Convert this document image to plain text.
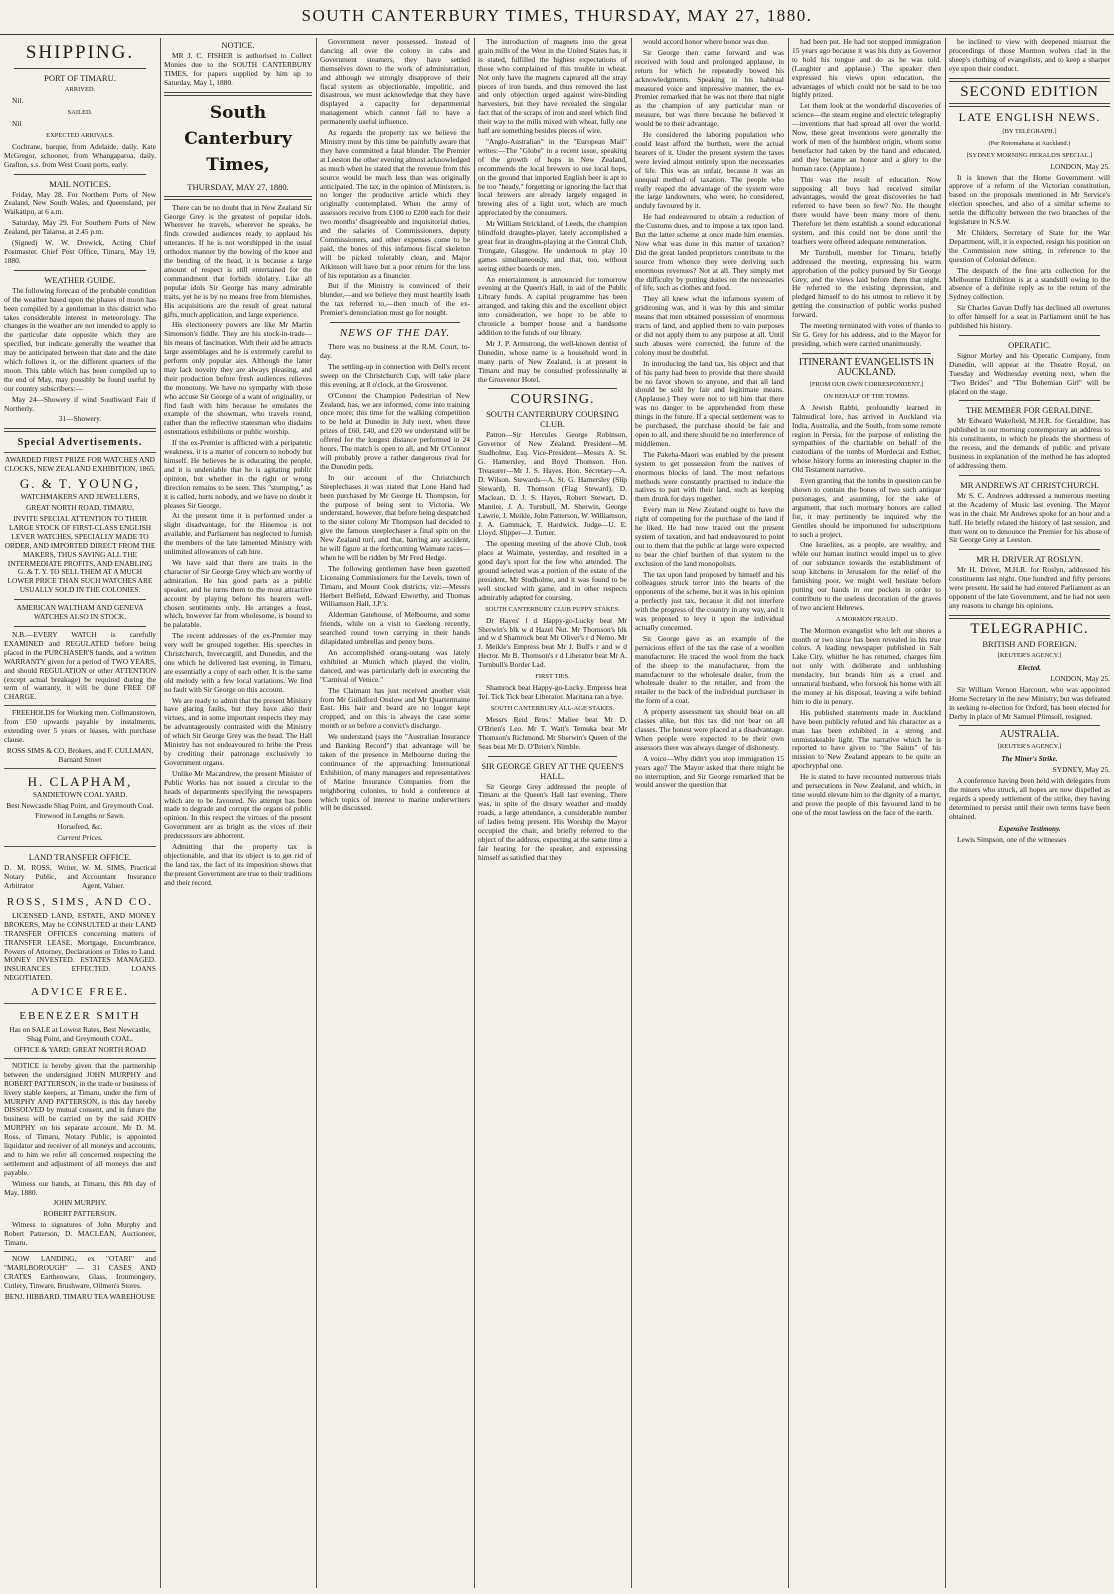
SOUTH CANTERBURY TIMES, THURSDAY, MAY 27, 1880.
SHIPPING.
PORT OF TIMARU.
ARRIVED.

Nil.

SAILED.

Nil

EXPECTED ARRIVALS.

Cochrane, barque, from Adelaide, daily. Kate McGregor, schooner, from Whangaparoa, daily. Grafton, s.s. from West Coast ports, early.

MAIL NOTICES.

Friday, May 28. For Northern Ports of New Zealand, New South Wales, and Queensland, per Waikatipu, at 6 a.m.

Saturday, May 29. For Southern Ports of New Zealand, per Taiaroa, at 2.45 p.m.

(Signed) W. W. Drewick, Acting Chief Postmaster. Chief Post Office, Timaru, May 19, 1880.

WEATHER GUIDE.

The following forecast of the probable condition of the weather based upon the phases of moon has been compiled by a gentleman in this district who takes considerable interest in meteorology. The changes in the weather are not intended to apply to the particular date opposite which they are specified, but indicate generally the weather that may be anticipated between that date and the date which follows it, or the different quarters of the moon. This table which has been compiled up to the end of May, may possibly be found useful by our country subscribers:—

May 24—Showery if wind Southward Fair if Northerly.

31—Showery.

Special Advertisements.

AWARDED FIRST PRIZE FOR WATCHES AND CLOCKS, NEW ZEALAND EXHIBITION, 1865.

G. & T. YOUNG,

WATCHMAKERS AND JEWELLERS,

GREAT NORTH ROAD, TIMARU,

INVITE SPECIAL ATTENTION TO THEIR LARGE STOCK OF FIRST-CLASS ENGLISH LEVER WATCHES, SPECIALLY MADE TO ORDER, AND IMPORTED DIRECT FROM THE MAKERS, THUS SAVING ALL THE INTERMEDIATE PROFITS, AND ENABLING G. & T. Y. TO SELL THEM AT A MUCH LOWER PRICE THAN SUCH WATCHES ARE USUALLY SOLD IN THE COLONIES.

AMERICAN WALTHAM AND GENEVA WATCHES ALSO IN STOCK.

N.B.—EVERY WATCH is carefully EXAMINED and REGULATED before being placed in the PURCHASER'S hands, and a written WARRANTY given for a period of TWO YEARS, and should REGULATION or other ATTENTION (except actual breakage) be required during the term of warranty, it will be done FREE OF CHARGE.

FREEHOLDS for Working men. Collmanstown, from £50 upwards payable by instalments, extending over 5 years or leases, with purchase clause.

ROSS SIMS & CO, Brokers, and F. CULLMAN, Barnard Street

H. CLAPHAM,

SANDIETOWN COAL YARD.

Best Newcastle Shag Point, and Greymouth Coal.

Firewood in Lengths or Sawn.

Horsefeed, &c.

Current Prices.

LAND TRANSFER OFFICE.

D. M. ROSS, Writer, Notary Public, and Arbitrator

W. M. SIMS, Practical Accountant Insurance Agent, Valuer.

ROSS, SIMS, AND CO.

LICENSED LAND, ESTATE, AND MONEY BROKERS, May be CONSULTED at their LAND TRANSFER OFFICES concerning matters of TRANSFER LEASE, Mortgage, Encumbrance, Powers of Attorney, Declarations or Titles to Land. MONEY INVESTED. ESTATES MANAGED. INSURANCES EFFECTED. LOANS NEGOTIATED.

ADVICE FREE.
EBENEZER SMITH

Has on SALE at Lowest Rates, Best Newcastle, Shag Point, and Greymouth COAL.

OFFICE & YARD: GREAT NORTH ROAD

NOTICE is hereby given that the partnership between the undersigned JOHN MURPHY and ROBERT PATTERSON, in the trade or business of livery stable keepers, at Timaru, under the firm of MURPHY AND PATTERSON, is this day hereby DISSOLVED by mutual consent, and in future the business will be carried on by the said JOHN MURPHY on his separate account. Mr D. M. Ross, of Timaru, Notary Public, is appointed liquidator and receiver of all moneys and accounts, and to him we refer all concerned respecting the settlement and adjustment of all moneys due and payable.

Witness our hands, at Timaru, this 8th day of May, 1880.

JOHN MURPHY.

ROBERT PATTERSON.

Witness to signatures of John Murphy and Robert Patterson, D. MACLEAN, Auctioneer, Timaru.

NOW LANDING, ex "OTARI" and "MARLBOROUGH" — 31 CASES AND CRATES Earthenware, Glass, Ironmongery, Cutlery, Tinware, Brushware, Oilmen's Stores.

BENJ. HIBBARD. TIMARU TEA WAREHOUSE

NOTICE.

MR J. C. FISHER is authorised to Collect Monies due to the SOUTH CANTERBURY TIMES, for papers supplied by him up to Saturday, May 1, 1880.

South Canterbury Times,
THURSDAY, MAY 27, 1880.

There can be no doubt that in New Zealand Sir George Grey is the greatest of popular idols. Wherever he travels, wherever he speaks, he finds crowded audiences ready to applaud his utterances. If he is not worshipped in the usual orthodox manner by the bowing of the knee and the bending of the head, it is because a large amount of respect is still entertained for the commandment that forbids idolatry. Like all popular idols Sir George has many admirable traits, yet he is by no means free from blemishes. His acquisitions are the result of great natural gifts, much application, and large experience.

His electioneery powers are like Mr Martin Simonson's fiddle. They are his stock-in-trade—his means of fascination. With their aid he attracts large assemblages and he is extremely careful to perform only popular airs. Although the latter may lack novelty they are always pleasing, and their production before fresh audiences relieves the monotony. We have no sympathy with those who accuse Sir George of a want of originality, or find fault with him because he emulates the example of the showman, who travels round, rather than the reflective statesman who disdains ostentatious exhibitions or public worship.

If the ex-Premier is afflicted with a peripatetic weakness, it is a matter of concern to nobody but himself. He believes he is educating the people, and it is undeniable that he is agitating public opinion, but whether in the right or wrong direction remains to be seen. This "stumping," as it is called, hurts nobody, and we have no doubt it pleases Sir George.

At the present time it is performed under a slight disadvantage, for the Hinemoa is not available, and Parliament has neglected to furnish the members of the late lamented Ministry with unlimited allowances of cab hire.

We have said that there are traits in the character of Sir George Grey which are worthy of admiration. He has good parts as a public speaker, and he turns them to the most attractive account by playing before his hearers well-chosen sentiments only. He arranges a feast, which, however far from wholesome, is bound to be palatable.

The recent addresses of the ex-Premier may very well be grouped together. His speeches in Christchurch, Invercargill, and Dunedin, and the one which he delivered last evening, in Timaru, are essentially a copy of each other. It is the same old melody with a few local variations. We find no fault with Sir George on this account.

We are ready to admit that the present Ministry have glaring faults, but they have also their virtues, and in some important respects they may be advantageously contrasted with the Ministry of which Sir George Grey was the head. The Hall Ministry has not endeavoured to bribe the Press by crediting their patronage exclusively to Government organs.

Unlike Mr Macandrew, the present Minister of Public Works has not issued a circular to the heads of departments specifying the newspapers which are to be favoured. No attempt has been made to degrade and corrupt the organs of public opinion. In this respect the virtues of the present Government are as bright as the vices of their predecessors are abhorrent.

Admitting that the property tax is objectionable, and that its object is to get rid of the land tax, the fact of its imposition shows that the present Government are true to their traditions and their record.

Government never possessed. Instead of dancing all over the colony in cabs and Government steamers, they have settled themselves down to the work of administration, and although we strongly disapprove of their fiscal system as objectionable, impolitic, and disastrous, we must acknowledge that they have displayed a capacity for departmental management which cannot fail to have a permanently useful influence.

As regards the property tax we believe the Ministry must by this time be painfully aware that they have committed a fatal blunder. The Premier at Leeston the other evening almost acknowledged as much when he stated that the revenue from this source would be much less than was originally anticipated. The tax, in the opinion of Ministers, is no longer the productive article which they originally contemplated. When the army of assessors receive from £100 to £200 each for their two months' disagreeable and inquisitorial duties, and the salaries of Commissioners, deputy Commissioners, and other expenses come to be paid, the bones of this infamous fiscal skeleton will be picked tolerably clean, and Major Atkinson will have but a poor return for the loss of his reputation as a financier.

But if the Ministry is convinced of their blunder,—and we believe they must heartily loath the tax referred to,—then much of the ex-Premier's denunciation must go for nought.

NEWS OF THE DAY.

There was no business at the R.M. Court, to-day.

The settling-up in connection with Dell's recent sweep on the Christchurch Cup, will take place this evening, at 8 o'clock, at the Grosvenor.

O'Connor the Champion Pedestrian of New Zealand, has, we are informed, come into training once more; this time for the walking competition to be held at Dunedin in July next, when three prizes of £60, £40, and £20 we understand will be offered for the longest distance performed in 24 hours. The match is open to all, and Mr O'Connor will probably prove a rather dangerous rival for the Dunedin peds.

In our account of the Christchurch Steeplechases it was stated that Lone Hand had been purchased by Mr George H. Thompson, for the purpose of being sent to Victoria. We understand, however, that before being despatched to the sister colony Mr Thompson had decided to give the famous steeplechaser a final spin on the New Zealand turf, and that, barring any accident, he will figure at the forthcoming Waimate races—when he will be ridden by Mr Fred Hedge.

The following gentlemen have been gazetted Licensing Commissioners for the Levels, town of Timaru, and Mount Cook districts, viz:—Messrs Herbert Belfield, Edward Elworthy, and Thomas Williamson Hall, J.P.'s.

Alderman Gatehouse, of Melbourne, and some friends, while on a visit to Geelong recently, searched round town carrying in their hands dilapidated umbrellas and penny buns.

An accomplished orang-outang was lately exhibited at Munich which played the violin, danced, and was particularly deft in executing the "Carnival of Venice."

The Claimant has just received another visit from Mr Guildford Onslow and Mr Quartermaine East. His hair and beard are no longer kept cropped, and on this is always the case some month or so before a convict's discharge.

We understand (says the "Australian Insurance and Banking Record") that advantage will be taken of the presence in Melbourne during the continuance of the approaching International Exhibition, of many managers and representatives of Marine Insurance Companies from the neighboring colonies, to hold a conference at which topics of interest to marine underwriters will be discussed.

The introduction of magnets into the great grain mills of the West in the United States has, it is stated, fulfilled the highest expectations of those who complained of this trouble in wheat. Not only have the magnets captured all the stray pieces of iron bands, and thus removed the last and only objection urged against wire-binding harvesters, but they have revealed the singular fact that of the scraps of iron and steel which find their way to the mills mixed with wheat, fully one half are something besides pieces of wire.

"Anglo-Australian" in the "European Mail" writes:—The "Globe" in a recent issue, speaking of the growth of hops in New Zealand, recommends the local brewers to use local hops, on the ground that imported English beer is apt to be too "heady," forgetting or ignoring the fact that local brewers are already largely engaged in brewing ales of a light sort, which are much appreciated by the consumers.

Mr William Strickland, of Leeds, the champion blindfold draughts-player, lately accomplished a great feat in draughts-playing at the Central Club, Trongate, Glasgow. He undertook to play 10 games simultaneously, and that, too, without seeing either boards or men.

An entertainment is announced for tomorrow evening at the Queen's Hall, in aid of the Public Library funds. A capital programme has been arranged, and taking this and the excellent object into consideration, we hope to be able to chronicle a bumper house and a handsome addition to the funds of our library.

Mr J. P. Armstrong, the well-known dentist of Dunedin, whose name is a household word in many parts of New Zealand, is at present in Timaru and may be consulted professionally at the Grosvenor Hotel.

COURSING.
SOUTH CANTERBURY COURSING CLUB.

Patron—Sir Hercules George Robinson, Governor of New Zealand. President—M. Studholme, Esq. Vice-President—Messrs A. St. G. Hamersley, and Boyd Thomson. Hon. Treasurer—Mr J. S. Hayes. Hon. Secretary—A. D. Wilson. Stewards—A. St. G. Hamersley (Slip Steward), B. Thomson (Flag Steward), D. Maclean, D. J. S. Hayes, Robert Stewart, D. Mantire, J. A. Turnbull, M. Sherwin, George Lawrie, J. Meikle, John Patterson, W. Williamson, J. A. Gammack, T. Hardwick. Judge—U. E. Lloyd. Slipper—J. Turner.

The opening meeting of the above Club, took place at Waimate, yesterday, and resulted in a good day's sport for the few who attended. The ground selected was a portion of the estate of the president, Mr Studholme, and it was found to be well stocked with game, and in other respects admirably adapted for coursing.

SOUTH CANTERBURY CLUB PUPPY STAKES.

Dr Hayes' f d Happy-go-Lucky beat Mr Sherwin's blk w d Hazel Nut. Mr Thomson's blk and w d Shamrock beat Mr Oliver's r d Nemo. Mr J. Meikle's Empress beat Mr J. Bull's r and w d Hector. Mr B. Thomson's r d Liberator beat Mr A. Turnbull's Border Lad.

FIRST TIES.

Shamrock beat Happy-go-Lucky. Empress beat Tel. Tick Tick beat Liberator. Maritana ran a bye.

SOUTH CANTERBURY ALL-AGE STAKES.

Messrs Reid Bros.' Maliee beat Mr D. O'Brien's Leo. Mr T. Watt's Temuka beat Mr Thomson's Richmond. Mr Sherwin's Queen of the Seas beat Mr D. O'Brien's Nimble.

SIR GEORGE GREY AT THE QUEEN'S HALL.

Sir George Grey addressed the people of Timaru at the Queen's Hall last evening. There was, in spite of the dreary weather and muddy roads, a large attendance, a considerable number of ladies being present. His Worship the Mayor occupied the chair, and briefly referred to the object of the address, expecting at the same time a fair hearing for the speaker, and expressing himself as satisfied that they

would accord honor where honor was due.

Sir George then came forward and was received with loud and prolonged applause, in return for which he repeatedly bowed his acknowledgments. Speaking in his habitual measured voice and impressive manner, the ex-Premier remarked that he was not there that night as the champion of any particular man or measure, but was there because he believed it would be to their advantage.

He considered the laboring population who could least afford the burthen, were the actual bearers of it. Under the present system the taxes were levied almost entirely upon the necessaries of life. This was an unfair, because it was an unequal method of taxation. The people who really reaped the advantage of the system were the large landowners, who were, he considered, unduly favoured by it.

He had endeavoured to obtain a reduction of the Customs dues, and to impose a tax upon land. But the latter scheme at once made him enemies. Now what was done in this matter of taxation? Did the great landed proprietors contribute to the source from whence they were deriving such enormous revenues? Not at all. They simply met the difficulty by putting duties on the necessaries of life, such as clothes and food.

They all knew what the infamous system of gridironing was, and it was by this and similar means that men obtained possession of enormous tracts of land, and applied them to vain purposes or did not apply them to any purpose at all. Until such abuses were corrected, the future of the colony must be doubtful.

In introducing the land tax, his object and that of his party had been to provide that there should be no favor shown to anyone, and that all land should be sold by fair and legitimate means. (Applause.) They were not to tell him that there was no danger to be apprehended from these things in the future. If a special settlement was to be purchased, the purchase should be fair and open to all, and there should be no interference of middlemen.

The Pakeha-Maori was enabled by the present system to get possession from the natives of enormous blocks of land. The most nefarious methods were constantly practised to induce the natives to part with their land, such as keeping them drunk for days together.

Every man in New Zealand ought to have the right of competing for the purchase of the land if he liked. He had now traced out the present system of taxation, and had endeavoured to point out to them that the public at large were expected to bear the chief burthen of that system to the exclusion of the land monopolists.

The tax upon land proposed by himself and his colleagues struck terror into the hearts of the opponents of the scheme, but it was in his opinion a perfectly just tax, because it did not interfere with the progress of the country in any way, and it was proposed to levy it upon the individual actually concerned.

Sir George gave as an example of the pernicious effect of the tax the case of a woollen manufacturer. He traced the wool from the back of the sheep to the manufacturer, from the manufacturer to the wholesale dealer, from the wholesale dealer to the retailer, and from the retailer to the back of the individual purchaser in the form of a coat.

A property assessment tax should bear on all classes alike, but this tax did not bear on all classes. The honest were placed at a disadvantage. When people were expected to be their own assessors there was always danger of dishonesty.

A voice—Why didn't you stop immigration 15 years ago? The Mayor asked that there might be no interruption, and Sir George remarked that he would answer the question that

had been put. He had not stopped immigration 15 years ago because it was his duty as Governor to hold his tongue and do as he was told. (Laughter and applause.) The speaker then expressed his views upon education, the advantages of which could not be said to be too highly prized.

Let them look at the wonderful discoveries of science—the steam engine and electric telegraphy—inventions that had spread all over the world. Now, these great inventions were generally the work of men of the humblest origin, whom some benefactor had taken by the hand and educated, and they became an honor and a glory to the human race. (Applause.)

This was the result of education. Now supposing all boys had received similar advantages, would the great discoveries he had referred to have been so few? No. He thought there would have been many more of them. Therefore let them establish a sound educational system, and this could not be done until the teachers were offered adequate remuneration.

Mr Turnbull, member for Timaru, briefly addressed the meeting, expressing his warm approbation of the policy pursued by Sir George Grey, and the views laid before them that night. He referred to the existing depression, and pledged himself to do his utmost to relieve it by getting the construction of public works pushed forward.

The meeting terminated with votes of thanks to Sir G. Grey for his address, and to the Mayor for presiding, which were carried unanimously.

ITINERANT EVANGELISTS IN AUCKLAND.
[FROM OUR OWN CORRESPONDENT.]
ON BEHALF OF THE TOMBS.

A Jewish Rabbi, profoundly learned in Talmudical lore, has arrived in Auckland via India, Australia, and the South, from some remote region in Persia, for the purpose of enlisting the sympathies of the charitable on behalf of the custodians of the tombs of Mordecai and Esther, whose history forms an interesting chapter in the Old Testament narrative.

Even granting that the tombs in question can be shown to contain the bones of two such antique personages, and assuming, for the sake of argument, that such mortuary honors are called for, it may pertinently be inquired why the Gentiles should be importuned for subscriptions to such a project.

One Israelites, as a people, are wealthy, and while our human instinct would impel us to give of our substance towards the establishment of soup kitchens in Jerusalem for the relief of the famishing poor, we might well hesitate before putting our hands in our pockets in order to contribute to the useless decoration of the graves of two ancient Hebrews.

A MORMON FRAUD.

The Mormon evangelist who left our shores a month or two since has been revealed in his true colors. A leading newspaper published in Salt Lake City, whither he has returned, charges him not only with deliberate and unblushing mendacity, but brands him as a cruel and unnatural husband, who forsook his home with all the money at his disposal, leaving a wife behind him to die in penury.

His published statements made in Auckland have been publicly refuted and his character as a man has been exhibited in a strong and unmistakeable light. The narrative which he is reported to have given to "the Saints" of his mission to New Zealand appears to be quite an apochryphal one.

He is stated to have recounted numerous trials and persecutions in New Zealand, and which, in time would elevate him to the dignity of a martyr, and prove the people of this favoured land to be one of the most lawless on the face of the earth.

be inclined to view with deepened mistrust the proceedings of those Mormon wolves clad in the sheep's clothing of evangelists, and to keep a sharper eye upon their conduct.

SECOND EDITION
LATE ENGLISH NEWS.
[BY TELEGRAPH.]
(Per Rotomahana at Auckland.)
[SYDNEY MORNING HERALD'S SPECIAL.]

LONDON, May 25.

It is known that the Home Government will approve of a reform of the Victorian constitution, based on the proposals mentioned in Mr Service's election speeches, and also of a similar scheme to settle the difficulty between the two branches of the legislature in N.S.W.

Mr Childers, Secretary of State for the War Department, will, it is expected, resign his position on the Commission now sitting, in reference to the question of Colonial defence.

The despatch of the fine arts collection for the Melbourne Exhibition is at a standstill owing to the absence of a definite reply as to the return of the Sydney collection.

Sir Charles Gavan Duffy has declined all overtures to offer himself for a seat in Parliament until he has published his history.

OPERATIC.

Signor Morley and his Operatic Company, from Dunedin, will appear at the Theatre Royal, on Tuesday and Wednesday evening next, when the "Two Brides" and "The Bohemian Girl" will be placed on the stage.

THE MEMBER FOR GERALDINE.

Mr Edward Wakefield, M.H.R. for Geraldine, has published in our morning contemporary an address to his constituents, in which he pleads the shortness of the recess, and the demands of public and private business in explanation of the method he has adopted of addressing them.

MR ANDREWS AT CHRISTCHURCH.

Mr S. C. Andrews addressed a numerous meeting at the Academy of Music last evening. The Mayor was in the chair. Mr Andrews spoke for an hour and a half. He briefly related the history of last session, and then went on to denounce the Premier for his abuse of Sir George Grey at Leeston.

MR H. DRIVER AT ROSLYN.

Mr H. Driver, M.H.R. for Roslyn, addressed his constituents last night. One hundred and fifty persons were present. He said he had entered Parliament as an opponent of the late Government, and he had not seen any reasons to change his opinions.

TELEGRAPHIC.
BRITISH AND FOREIGN.
[REUTER'S AGENCY.]
Elected.

LONDON, May 25.

Sir William Vernon Harcourt, who was appointed Home Secretary in the new Ministry, but was defeated in seeking re-election for Oxford, has been elected for Derby in place of Mr Samuel Plimsoll, resigned.

AUSTRALIA.
[REUTER'S AGENCY.]
The Miner's Strike.

SYDNEY, May 25.

A conference having been held with delegates from the miners who struck, all hopes are now dispelled as regards a speedy settlement of the strike, they having determined to persist until their own terms have been obtained.

Expensive Testimony.

Lewis Simpson, one of the witnesses
